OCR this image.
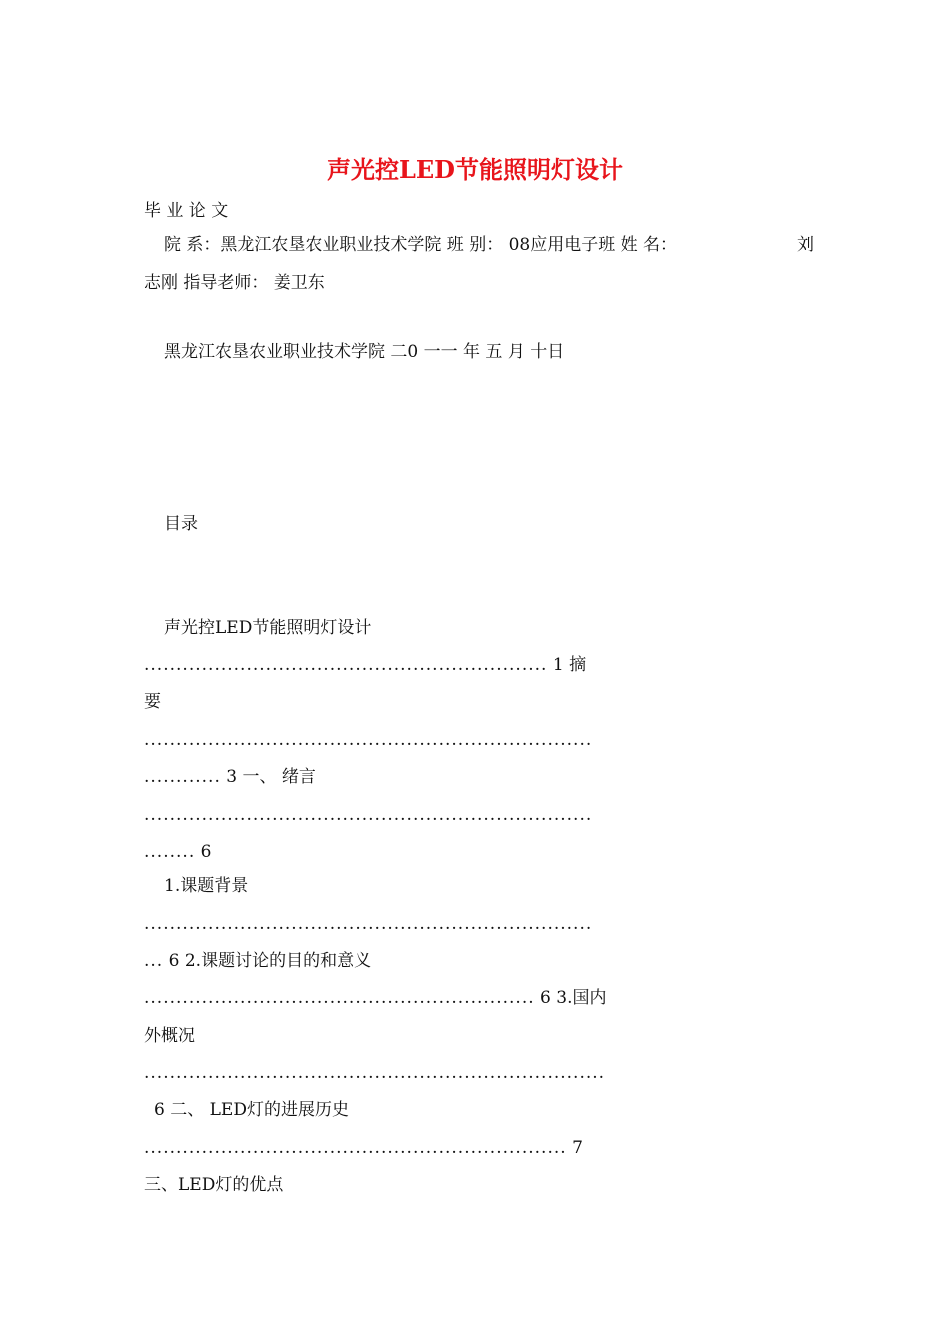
声光控LED节能照明灯设计
毕 业 论 文
院 系：黑龙江农垦农业职业技术学院 班 别： 08应用电子班 姓 名：	刘
志刚 指导老师： 姜卫东
黑龙江农垦农业职业技术学院 二0 一一 年 五 月 十日
目录
声光控LED节能照明灯设计
............................................................... 1 摘
要
......................................................................
............ 3 一、 绪言
......................................................................
........ 6
1.课题背景
......................................................................
... 6 2.课题讨论的目的和意义
............................................................. 6 3.国内
外概况
........................................................................
6 二、 LED灯的进展历史
.................................................................. 7
三、LED灯的优点
